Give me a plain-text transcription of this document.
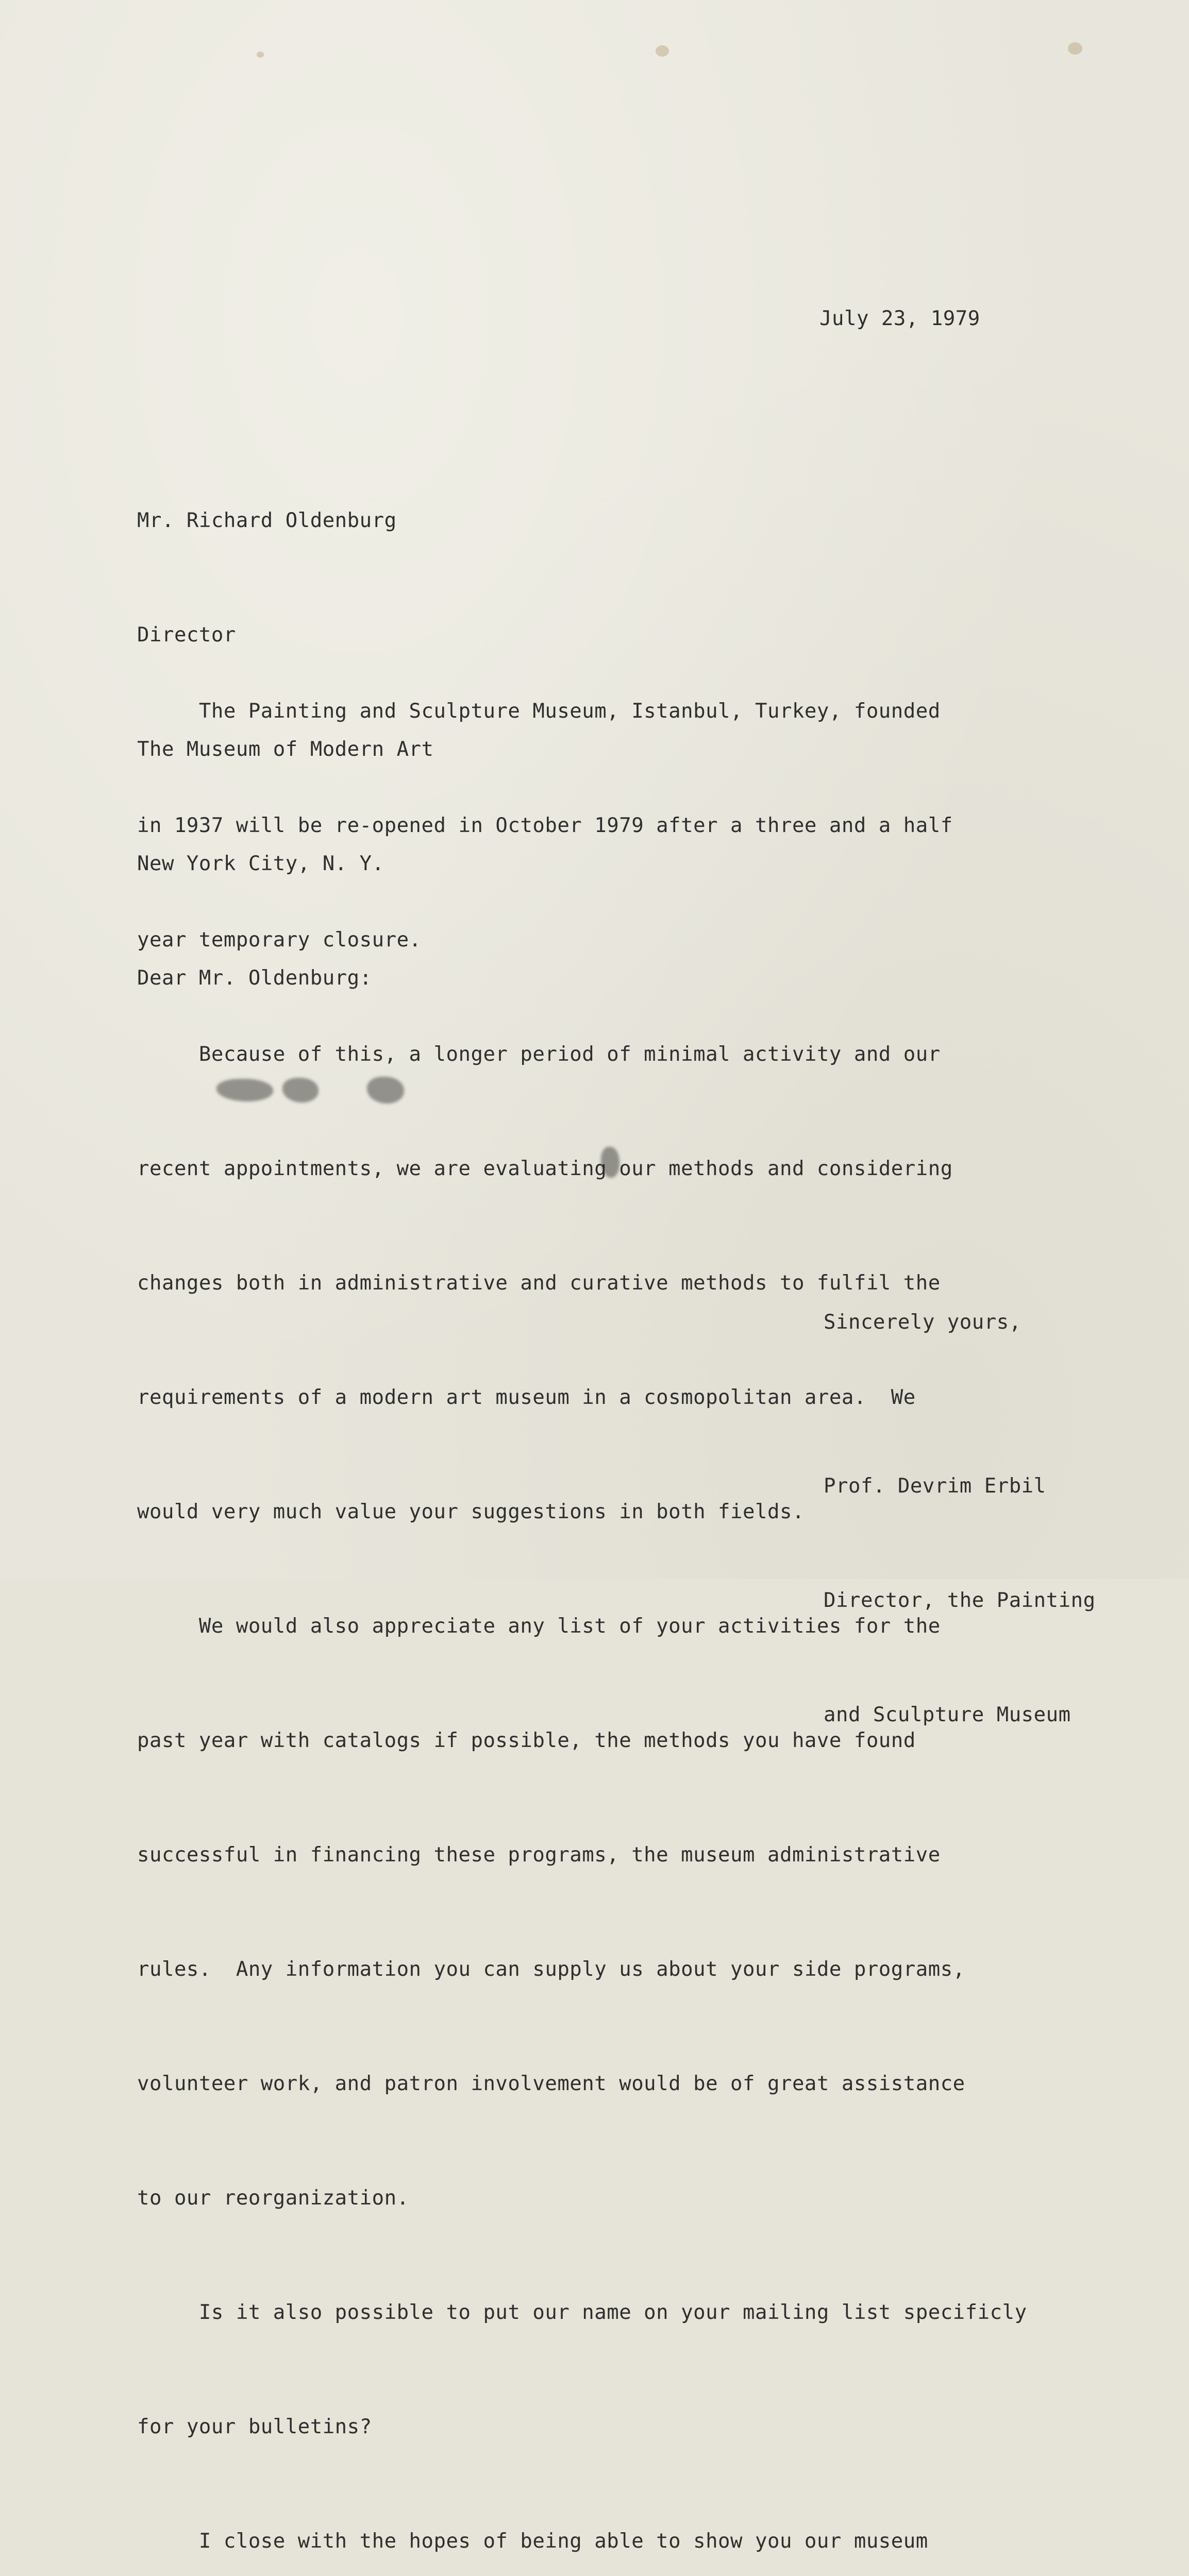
July 23, 1979

Mr. Richard Oldenburg

Director

The Museum of Modern Art

New York City, N. Y.

Dear Mr. Oldenburg:

The Painting and Sculpture Museum, Istanbul, Turkey, founded

in 1937 will be re-opened in October 1979 after a three and a half

year temporary closure.

Because of this, a longer period of minimal activity and our

recent appointments, we are evaluating our methods and considering

changes both in administrative and curative methods to fulfil the

requirements of a modern art museum in a cosmopolitan area.  We

would very much value your suggestions in both fields.

We would also appreciate any list of your activities for the

past year with catalogs if possible, the methods you have found

successful in financing these programs, the museum administrative

rules.  Any information you can supply us about your side programs,

volunteer work, and patron involvement would be of great assistance

to our reorganization.

Is it also possible to put our name on your mailing list specificly

for your bulletins?

I close with the hopes of being able to show you our museum

Sincerely yours,

Prof. Devrim Erbil

Director, the Painting

and Sculpture Museum
